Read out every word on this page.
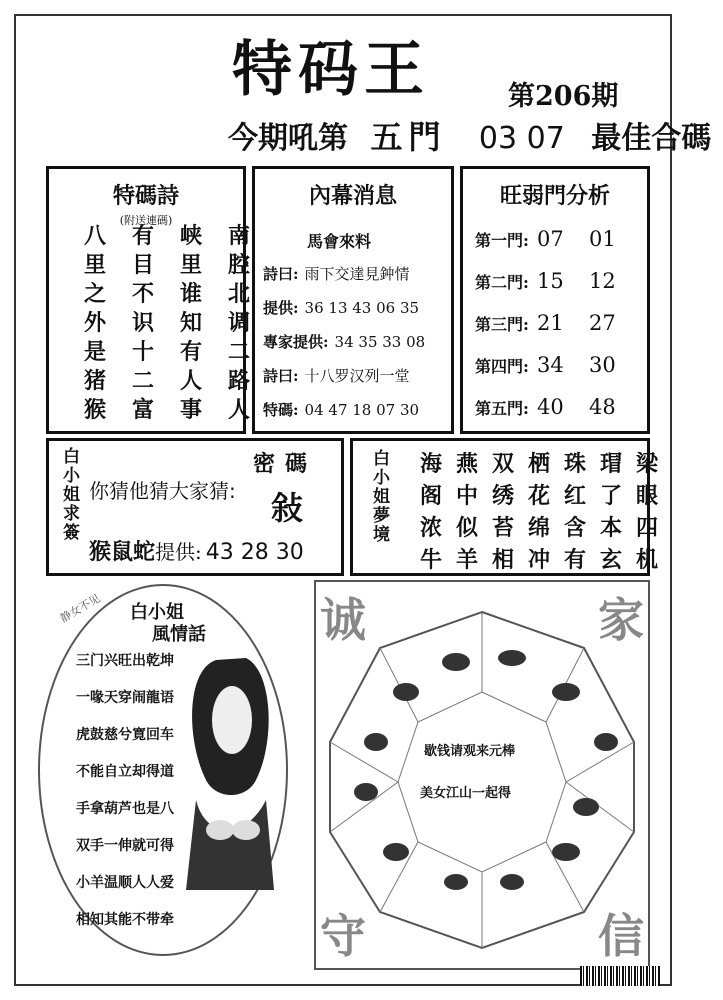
特码王	第206期
今期吼第 五門 03 07 最佳合碼
特碼詩
(附送連碼)
八	有	峡	南
里	目	里	腔
之	不	谁	北
外	识	知	调
是	十	有	二
猪	二	人	路
猴	富	事	人
內幕消息
馬會來料
詩曰: 雨下交達見鈡情
提供: 36 13 43 06 35
專家提供: 34 35 33 08
詩曰: 十八罗汉列一堂
特碼: 04 47 18 07 30
旺弱門分析
第一門: 07 01
第二門: 15 12
第三門: 21 27
第四門: 34 30
第五門: 40 48
白小姐求簽	密碼
你猜他猜大家猜: 敍
猴鼠蛇提供: 43 28 30
白小姐夢境	海 燕 双 栖 珠 瑁 梁
阁 中 绣 花 红 了 眼
浓 似 苔 绵 含 本 四
牛 羊 相 冲 有 玄 机
静女不见 白小姐
風情話
三门兴旺出乾坤
一喙天穿闹龍语
虎鼓慈兮寛回车
不能自立却得道
手拿葫芦也是八
双手一伸就可得
小羊温顺人人爱
相知其能不带牵
歇钱请观来元棒
美女江山一起得
诚	家
守	信
